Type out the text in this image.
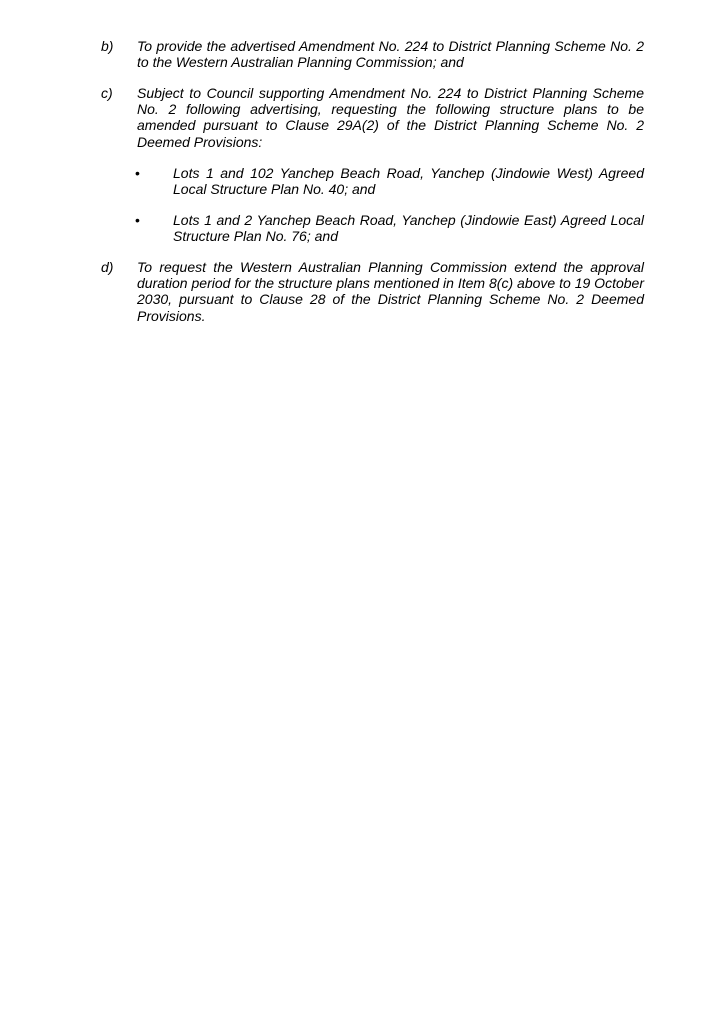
b) To provide the advertised Amendment No. 224 to District Planning Scheme No. 2 to the Western Australian Planning Commission; and
c) Subject to Council supporting Amendment No. 224 to District Planning Scheme No. 2 following advertising, requesting the following structure plans to be amended pursuant to Clause 29A(2) of the District Planning Scheme No. 2 Deemed Provisions:
• Lots 1 and 102 Yanchep Beach Road, Yanchep (Jindowie West) Agreed Local Structure Plan No. 40; and
• Lots 1 and 2 Yanchep Beach Road, Yanchep (Jindowie East) Agreed Local Structure Plan No. 76; and
d) To request the Western Australian Planning Commission extend the approval duration period for the structure plans mentioned in Item 8(c) above to 19 October 2030, pursuant to Clause 28 of the District Planning Scheme No. 2 Deemed Provisions.
